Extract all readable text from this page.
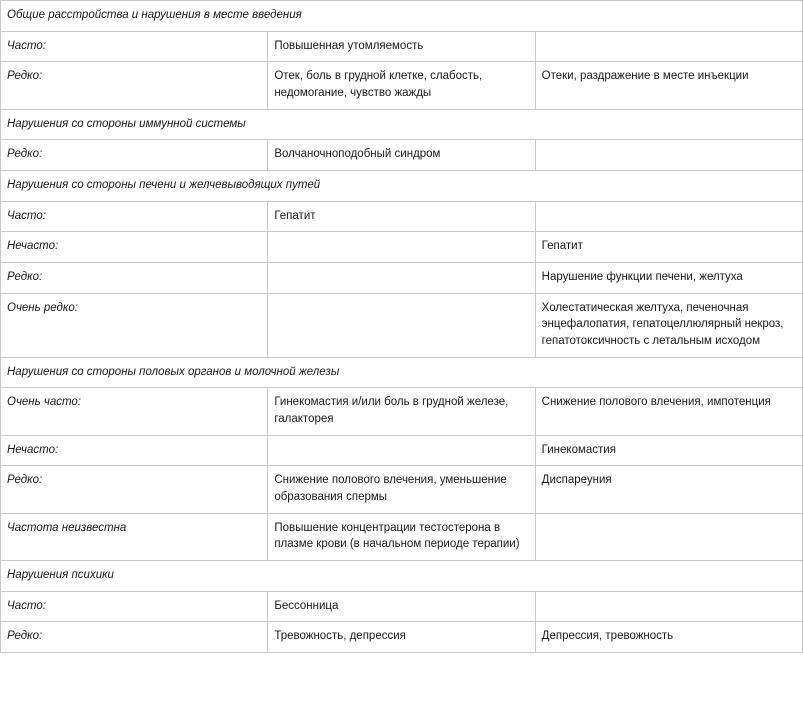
Общие расстройства и нарушения в месте введения		

Часто:	Повышенная утомляемость	

Редко:	Отек, боль в грудной клетке, слабость, недомогание, чувство жажды	Отеки, раздражение в месте инъекции

Нарушения со стороны иммунной системы		

Редко:	Волчаночноподобный синдром	

Нарушения со стороны печени и желчевыводящих путей		

Часто:	Гепатит	

Нечасто:		Гепатит

Редко:		Нарушение функции печени, желтуха

Очень редко:		Холестатическая желтуха, печеночная энцефалопатия, гепатоцеллюлярный некроз, гепатотоксичность с летальным исходом

Нарушения со стороны половых органов и молочной железы		

Очень часто:	Гинекомастия и/или боль в грудной железе, галакторея	Снижение полового влечения, импотенция

Нечасто:		Гинекомастия

Редко:	Снижение полового влечения, уменьшение образования спермы	Диспареуния

Частота неизвестна	Повышение концентрации тестостерона в плазме крови (в начальном периоде терапии)	

Нарушения психики		

Часто:	Бессонница	

Редко:	Тревожность, депрессия	Депрессия, тревожность
